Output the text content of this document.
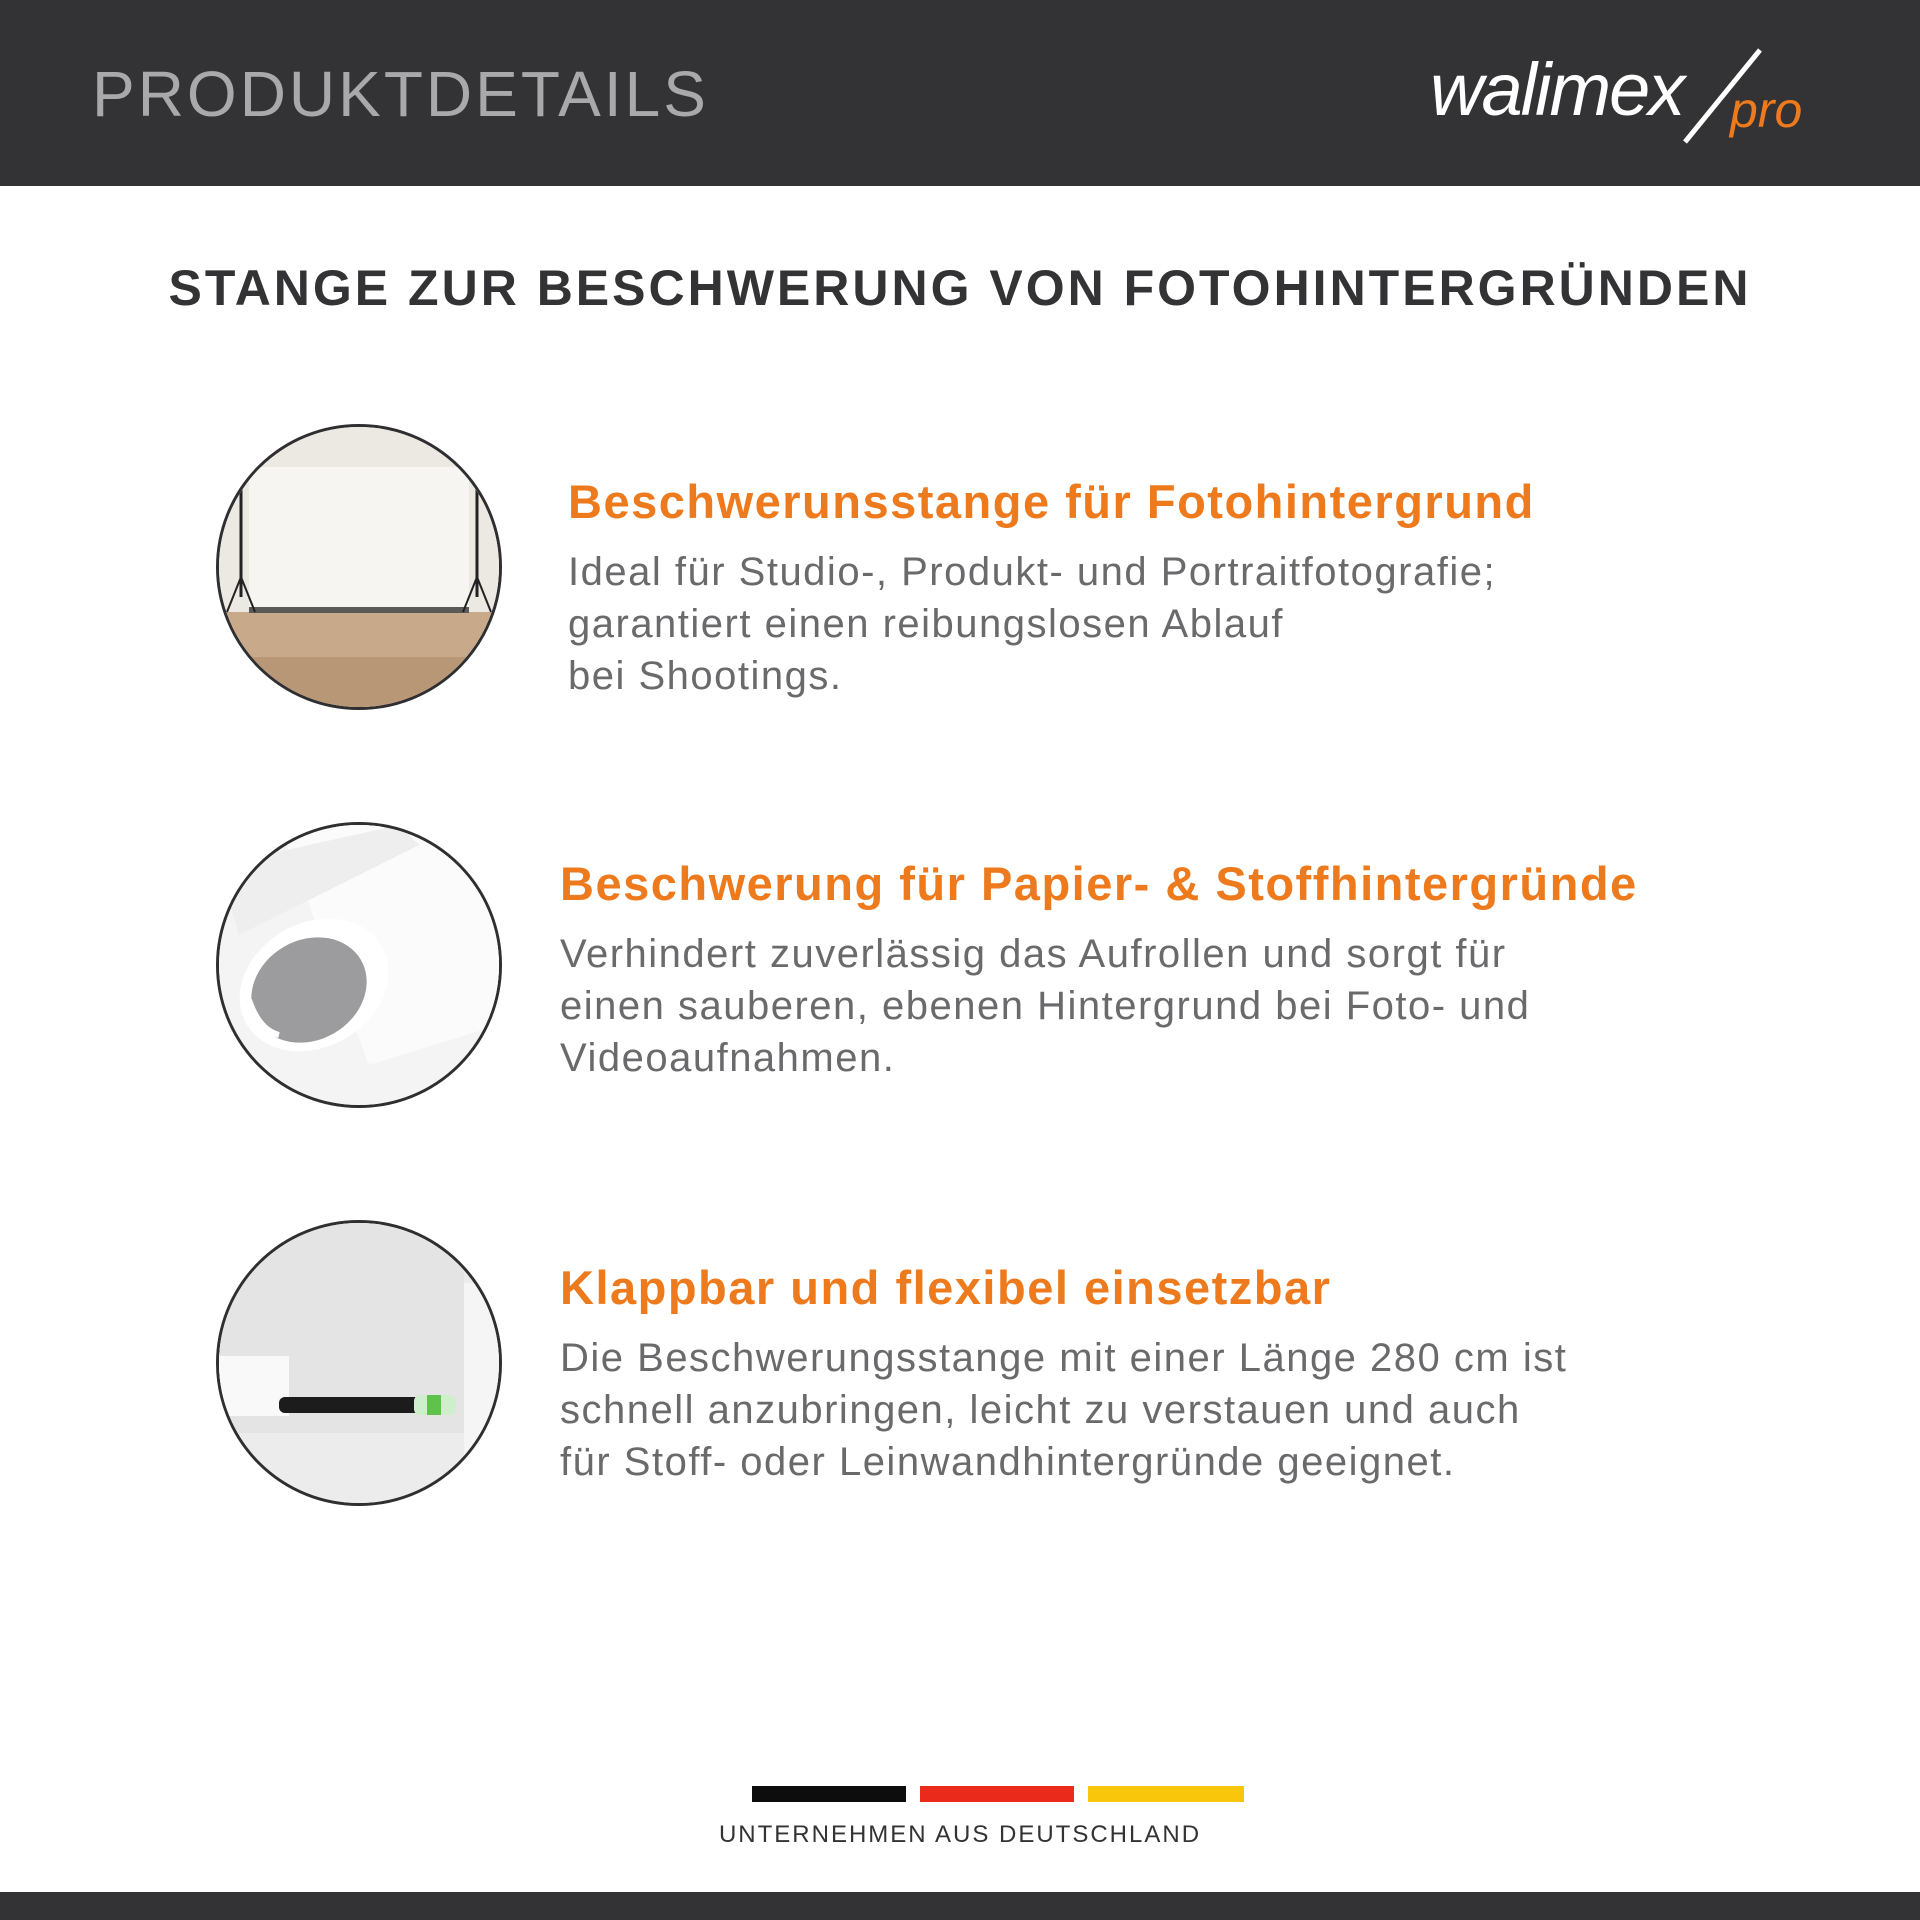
PRODUKTDETAILS	walimex pro
STANGE ZUR BESCHWERUNG VON FOTOHINTERGRÜNDEN
Beschwerunsstange für Fotohintergrund
Ideal für Studio-, Produkt- und Portraitfotografie;
garantiert einen reibungslosen Ablauf
bei Shootings.
Beschwerung für Papier- & Stoffhintergründe
Verhindert zuverlässig das Aufrollen und sorgt für
einen sauberen, ebenen Hintergrund bei Foto- und
Videoaufnahmen.
Klappbar und flexibel einsetzbar
Die Beschwerungsstange mit einer Länge 280 cm ist
schnell anzubringen, leicht zu verstauen und auch
für Stoff- oder Leinwandhintergründe geeignet.
UNTERNEHMEN AUS DEUTSCHLAND
